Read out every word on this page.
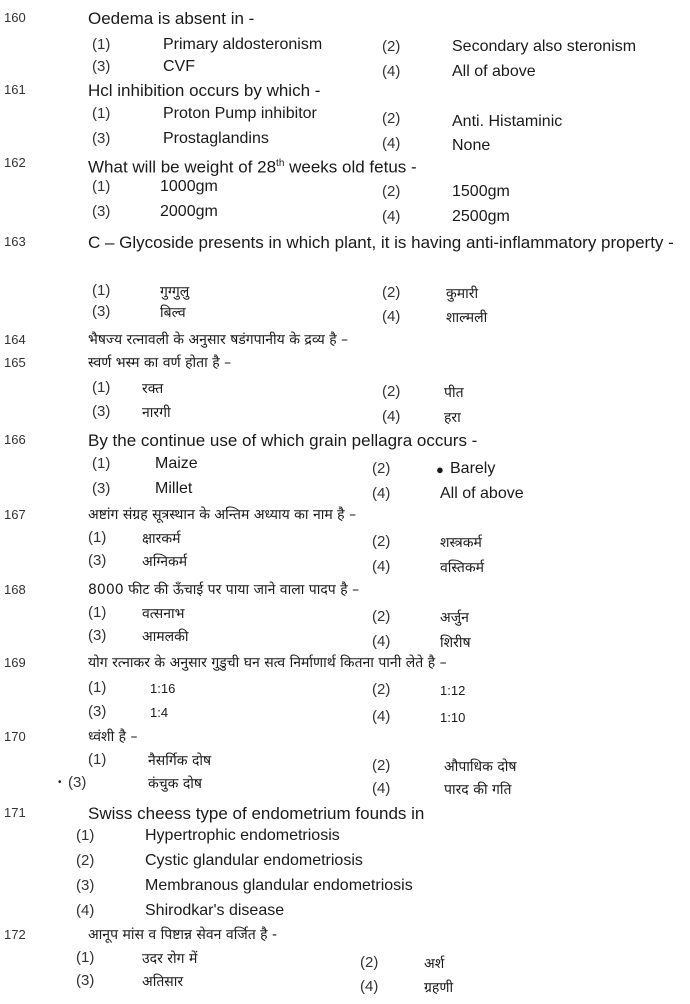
160	Oedema is absent in -
(1)	Primary aldosteronism	(2)	Secondary also steronism
(3)	CVF	(4)	All of above
161	Hcl inhibition occurs by which -
(1)	Proton Pump inhibitor	(2)	Anti. Histaminic
(3)	Prostaglandins	(4)	None
162	What will be weight of 28th weeks old fetus -
(1)	1000gm	(2)	1500gm
(3)	2000gm	(4)	2500gm
163	C – Glycoside presents in which plant, it is having anti-inflammatory property -
(1)	गुग्गुलु	(2)	कुमारी
(3)	बिल्व	(4)	शाल्मली
164	भैषज्य रत्नावली के अनुसार षडंगपानीय के द्रव्य है –
165	स्वर्ण भस्म का वर्ण होता है –
(1) रक्त	(2)	पीत
(3) नारगी	(4)	हरा
166	By the continue use of which grain pellagra occurs -
(1)	Maize	(2)	● Barely
(3)	Millet	(4)	All of above
167	अष्टांग संग्रह सूत्रस्थान के अन्तिम अध्याय का नाम है –
(1)	क्षारकर्म	(2)	शस्त्रकर्म
(3)	अग्निकर्म	(4)	वस्तिकर्म
168	8000 फीट की ऊँचाई पर पाया जाने वाला पादप है –
(1)	वत्सनाभ	(2)	अर्जुन
(3)	आमलकी	(4)	शिरीष
169	योग रत्नाकर के अनुसार गुडुची घन सत्व निर्माणार्थ कितना पानी लेते है –
(1)	1:16	(2)	1:12
(3)	1:4	(4)	1:10
170	ध्वंशी है –
(1)	नैसर्गिक दोष	(2)	औपाधिक दोष
• (3)	कंचुक दोष	(4)	पारद की गति
171	Swiss cheess type of endometrium founds in
(1)	Hypertrophic endometriosis
(2)	Cystic glandular endometriosis
(3)	Membranous glandular endometriosis
(4)	Shirodkar's disease
172	आनूप मांस व पिष्टान्न सेवन वर्जित है -
(1)	उदर रोग में	(2)	अर्श
(3)	अतिसार	(4)	ग्रहणी
